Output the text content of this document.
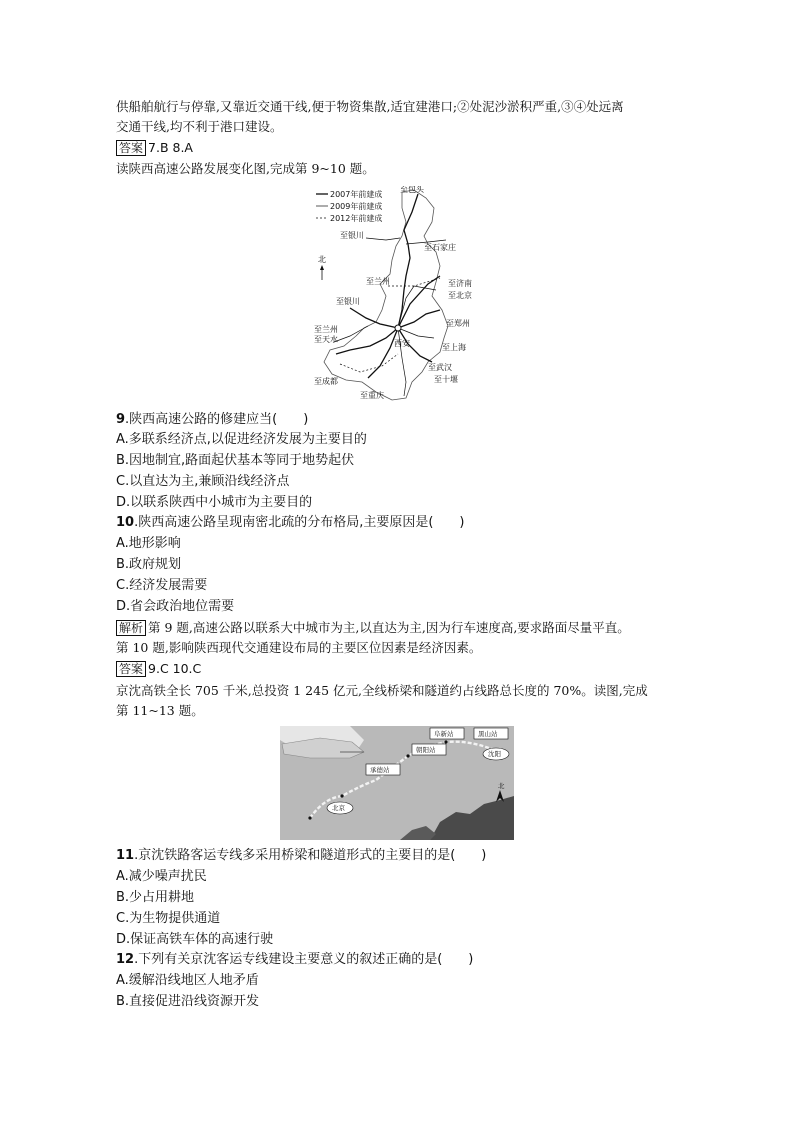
供船舶航行与停靠,又靠近交通干线,便于物资集散,适宜建港口;②处泥沙淤积严重,③④处远离
交通干线,均不利于港口建设。
答案 7.B 8.A
读陕西高速公路发展变化图,完成第 9~10 题。
2007年前建成
2009年前建成
2012年前建成
北
至包头
至银川
至石家庄
至兰州	至济南
至北京
至银川
至兰州
至天水
至郑州
西安	至上海
至武汉
至成都	至十堰
至重庆
9.陕西高速公路的修建应当(　　)
A.多联系经济点,以促进经济发展为主要目的
B.因地制宜,路面起伏基本等同于地势起伏
C.以直达为主,兼顾沿线经济点
D.以联系陕西中小城市为主要目的
10.陕西高速公路呈现南密北疏的分布格局,主要原因是(　　)
A.地形影响
B.政府规划
C.经济发展需要
D.省会政治地位需要
解析 第 9 题,高速公路以联系大中城市为主,以直达为主,因为行车速度高,要求路面尽量平直。
第 10 题,影响陕西现代交通建设布局的主要区位因素是经济因素。
答案 9.C 10.C
京沈高铁全长 705 千米,总投资 1 245 亿元,全线桥梁和隧道约占线路总长度的 70%。读图,完成
第 11~13 题。
北京
沈阳
承德站
朝阳站
阜新站	黑山站
北
11.京沈铁路客运专线多采用桥梁和隧道形式的主要目的是(　　)
A.减少噪声扰民
B.少占用耕地
C.为生物提供通道
D.保证高铁车体的高速行驶
12.下列有关京沈客运专线建设主要意义的叙述正确的是(　　)
A.缓解沿线地区人地矛盾
B.直接促进沿线资源开发
